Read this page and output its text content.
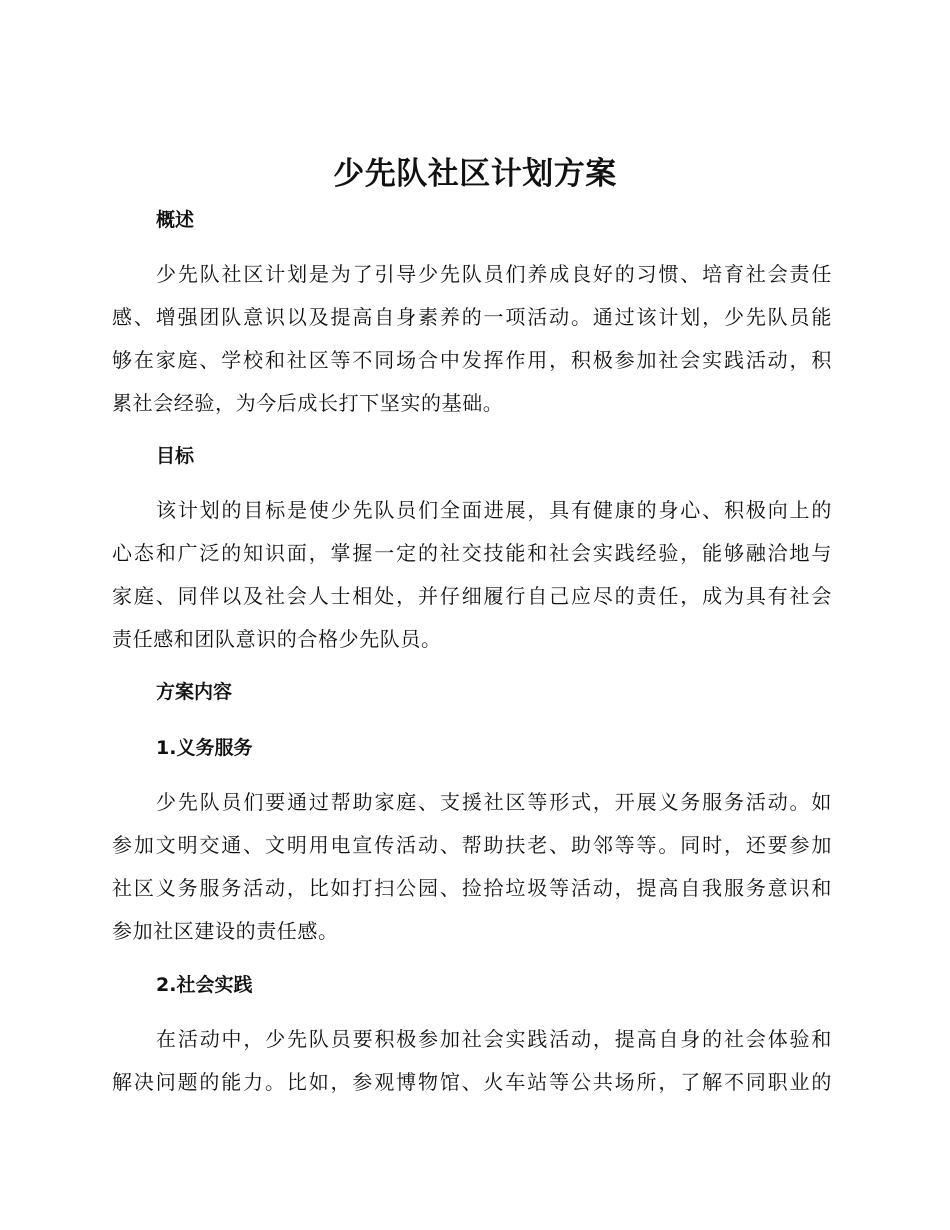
少先队社区计划方案
概述
少先队社区计划是为了引导少先队员们养成良好的习惯、培育社会责任
感、增强团队意识以及提高自身素养的一项活动。通过该计划，少先队员能
够在家庭、学校和社区等不同场合中发挥作用，积极参加社会实践活动，积
累社会经验，为今后成长打下坚实的基础。
目标
该计划的目标是使少先队员们全面进展，具有健康的身心、积极向上的
心态和广泛的知识面，掌握一定的社交技能和社会实践经验，能够融洽地与
家庭、同伴以及社会人士相处，并仔细履行自己应尽的责任，成为具有社会
责任感和团队意识的合格少先队员。
方案内容
1.义务服务
少先队员们要通过帮助家庭、支援社区等形式，开展义务服务活动。如
参加文明交通、文明用电宣传活动、帮助扶老、助邻等等。同时，还要参加
社区义务服务活动，比如打扫公园、捡拾垃圾等活动，提高自我服务意识和
参加社区建设的责任感。
2.社会实践
在活动中，少先队员要积极参加社会实践活动，提高自身的社会体验和
解决问题的能力。比如，参观博物馆、火车站等公共场所，了解不同职业的
